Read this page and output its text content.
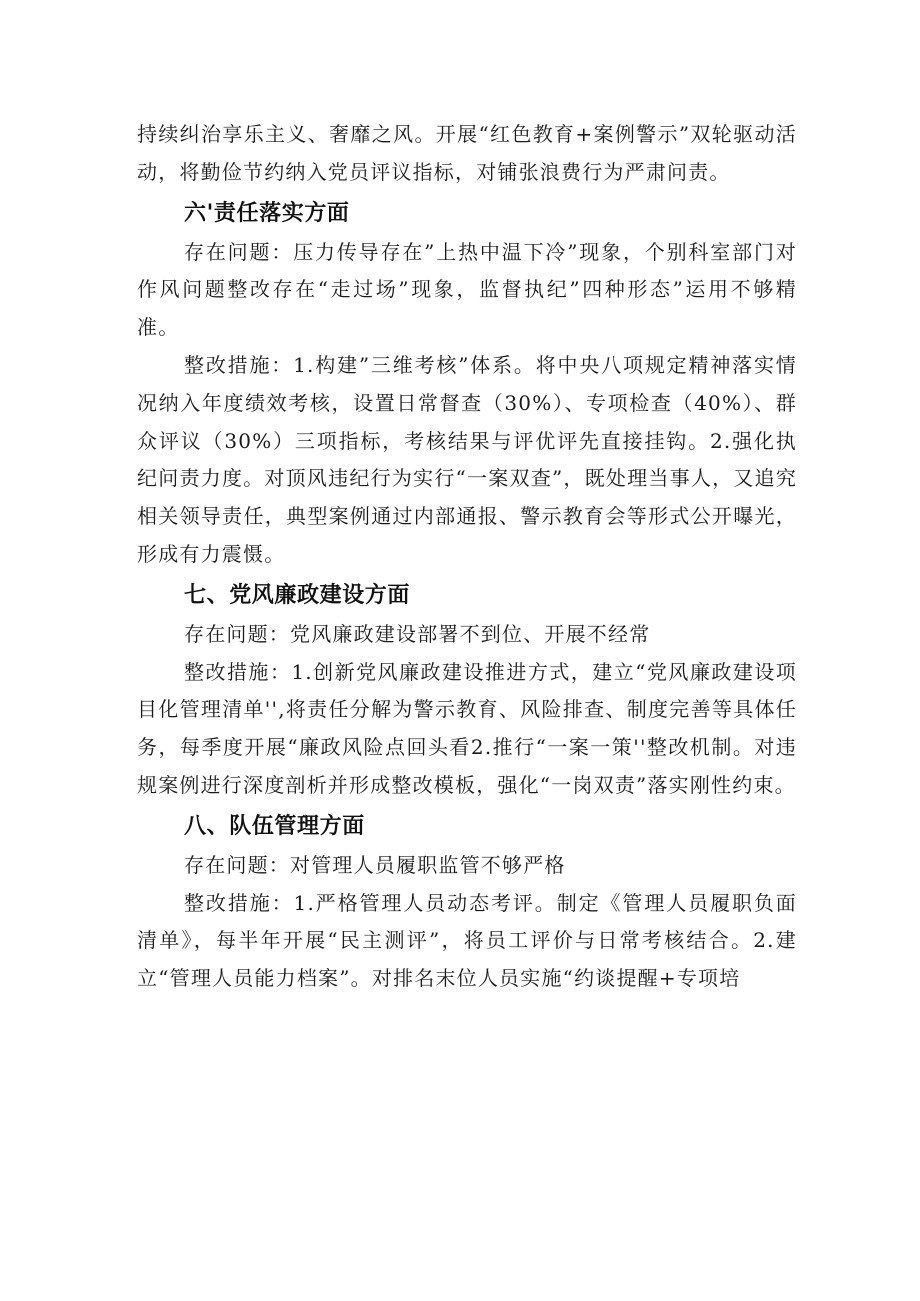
持续纠治享乐主义、奢靡之风。开展“红色教育+案例警示”双轮驱动活动，将勤俭节约纳入党员评议指标，对铺张浪费行为严肃问责。

六'责任落实方面

存在问题：压力传导存在”上热中温下冷”现象，个别科室部门对作风问题整改存在“走过场”现象，监督执纪”四种形态”运用不够精准。

整改措施：1.构建”三维考核”体系。将中央八项规定精神落实情况纳入年度绩效考核，设置日常督查（30%）、专项检查（40%）、群众评议（30%）三项指标，考核结果与评优评先直接挂钩。2.强化执纪问责力度。对顶风违纪行为实行“一案双查”，既处理当事人，又追究相关领导责任，典型案例通过内部通报、警示教育会等形式公开曝光，形成有力震慑。

七、党风廉政建设方面

存在问题：党风廉政建设部署不到位、开展不经常

整改措施：1.创新党风廉政建设推进方式，建立“党风廉政建设项目化管理清单'',将责任分解为警示教育、风险排查、制度完善等具体任务，每季度开展“廉政风险点回头看2.推行“一案一策''整改机制。对违规案例进行深度剖析并形成整改模板，强化“一岗双责”落实刚性约束。

八、队伍管理方面

存在问题：对管理人员履职监管不够严格

整改措施：1.严格管理人员动态考评。制定《管理人员履职负面清单》，每半年开展“民主测评”，将员工评价与日常考核结合。2.建立“管理人员能力档案”。对排名末位人员实施“约谈提醒+专项培
